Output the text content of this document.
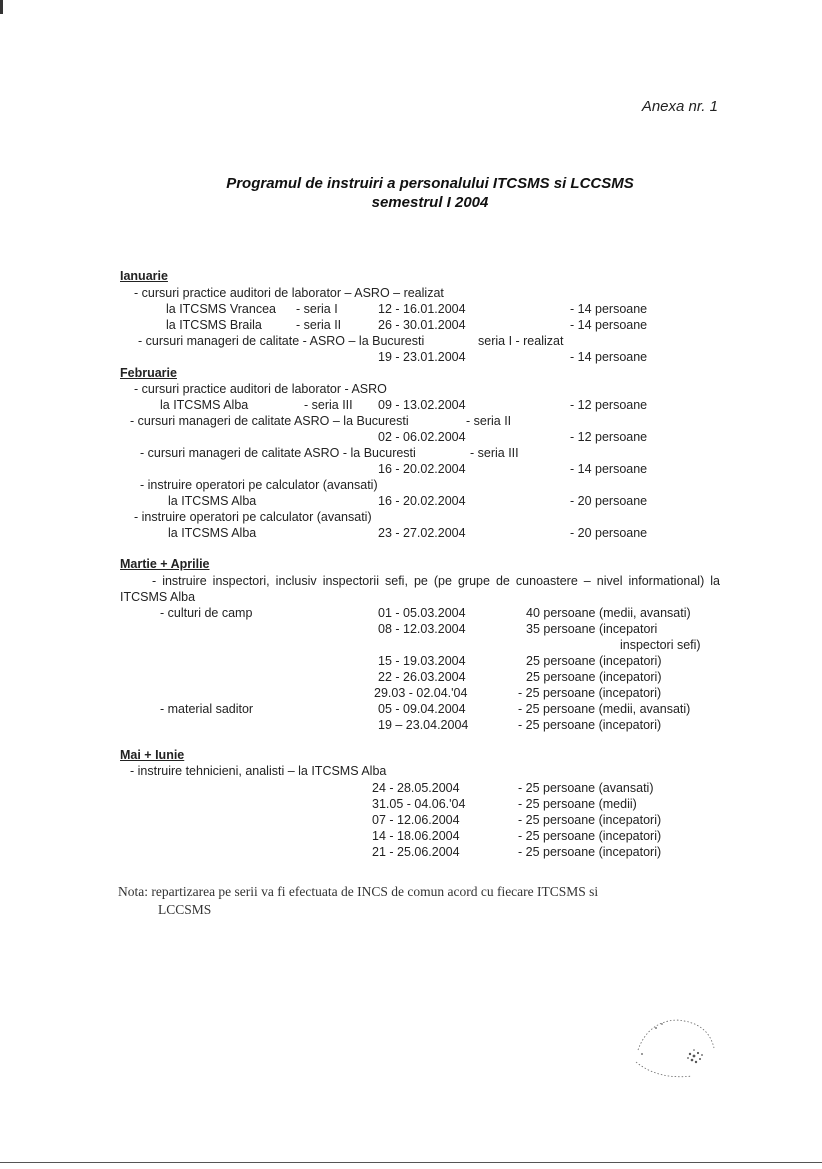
Anexa nr. 1
Programul de instruiri a personalului ITCSMS si LCCSMS
semestrul I 2004
Ianuarie
- cursuri practice auditori de laborator – ASRO – realizat
la ITCSMS Vrancea - seria I	12 - 16.01.2004	- 14 persoane
la ITCSMS Braila	- seria II	26 - 30.01.2004	- 14 persoane
- cursuri manageri de calitate - ASRO – la Bucuresti	seria I - realizat
19 - 23.01.2004	- 14 persoane
Februarie
- cursuri practice auditori de laborator - ASRO
la ITCSMS Alba	- seria III 09 - 13.02.2004	- 12 persoane
- cursuri manageri de calitate ASRO – la Bucuresti	- seria II
02 - 06.02.2004	- 12 persoane
- cursuri manageri de calitate ASRO - la Bucuresti	- seria III
16 - 20.02.2004	- 14 persoane
- instruire operatori pe calculator (avansati)
la ITCSMS Alba	16 - 20.02.2004	- 20 persoane
- instruire operatori pe calculator (avansati)
la ITCSMS Alba	23 - 27.02.2004	- 20 persoane
Martie + Aprilie
- instruire inspectori, inclusiv inspectorii sefi, pe (pe grupe de cunoastere – nivel informational) la ITCSMS Alba
- culturi de camp	01 - 05.03.2004	40 persoane (medii, avansati)
08 - 12.03.2004	35 persoane (incepatori
inspectori sefi)
15 - 19.03.2004	25 persoane (incepatori)
22 - 26.03.2004	25 persoane (incepatori)
29.03 - 02.04.'04	- 25 persoane (incepatori)
- material saditor	05 - 09.04.2004	- 25 persoane (medii, avansati)
19 – 23.04.2004	- 25 persoane (incepatori)
Mai + Iunie
- instruire tehnicieni, analisti – la ITCSMS Alba
24 - 28.05.2004	- 25 persoane (avansati)
31.05 - 04.06.'04	- 25 persoane (medii)
07 - 12.06.2004	- 25 persoane (incepatori)
14 - 18.06.2004	- 25 persoane (incepatori)
21 - 25.06.2004	- 25 persoane (incepatori)
Nota: repartizarea pe serii va fi efectuata de INCS de comun acord cu fiecare ITCSMS si
LCCSMS
